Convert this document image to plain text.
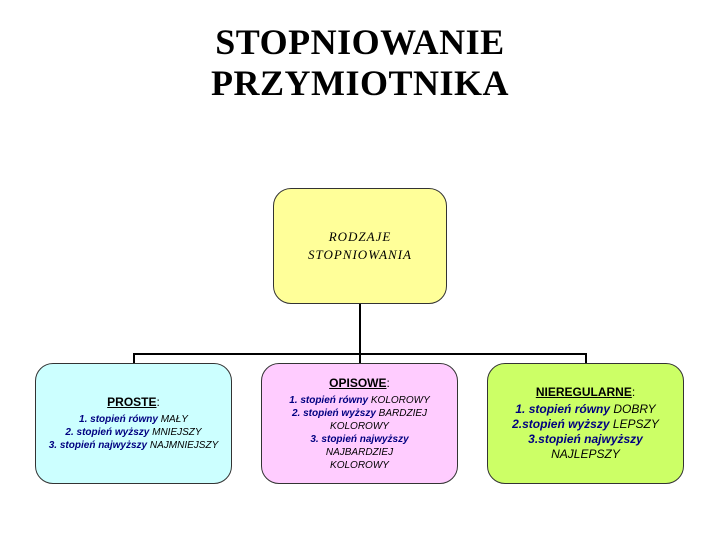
STOPNIOWANIE
PRZYMIOTNIKA
RODZAJE
STOPNIOWANIA
PROSTE:
1. stopień równy MAŁY
2. stopień wyższy MNIEJSZY
3. stopień najwyższy NAJMNIEJSZY
OPISOWE:
1. stopień równy KOLOROWY
2. stopień wyższy BARDZIEJ
KOLOROWY
3. stopień najwyższy
NAJBARDZIEJ
KOLOROWY
NIEREGULARNE:
1. stopień równy DOBRY
2.stopień wyższy LEPSZY
3.stopień najwyższy
NAJLEPSZY
